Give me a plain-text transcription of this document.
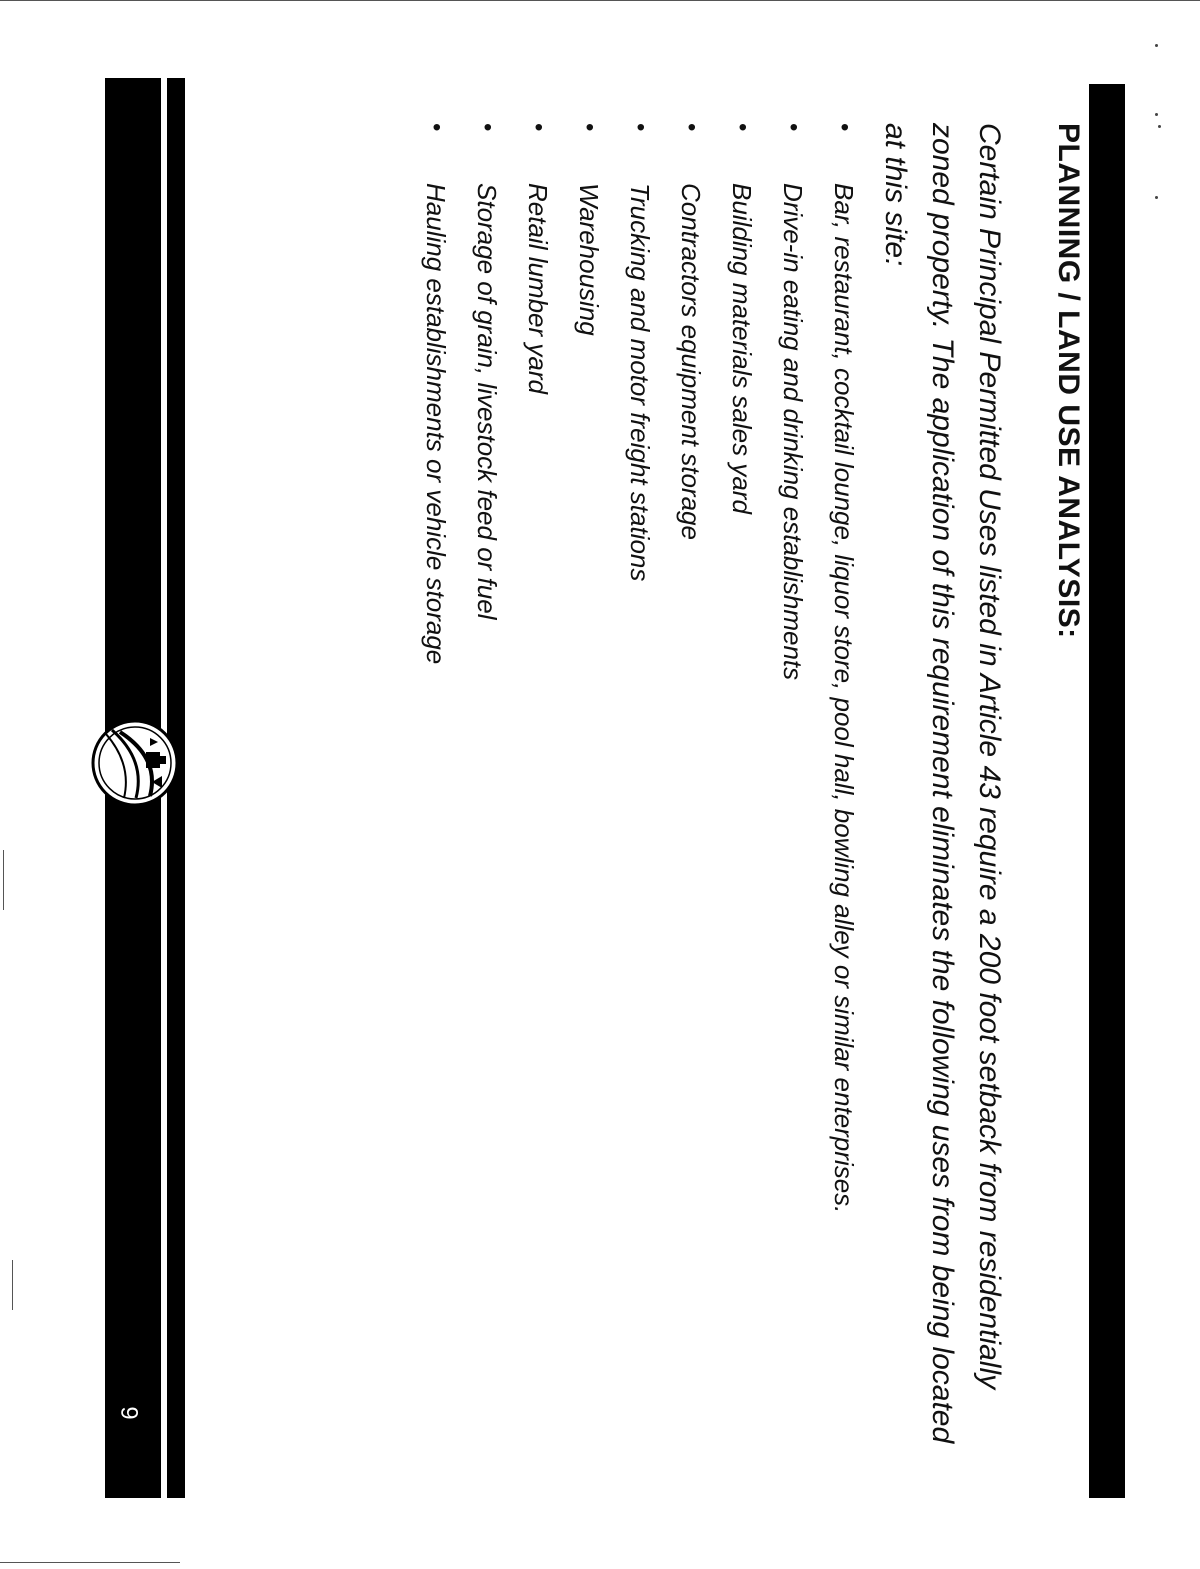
PLANNING / LAND USE ANALYSIS:

Certain Principal Permitted Uses listed in Article 43 require a 200 foot setback from residentially zoned property. The application of this requirement eliminates the following uses from being located at this site:

•
Bar, restaurant, cocktail lounge, liquor store, pool hall, bowling alley or similar enterprises.
•
Drive-in eating and drinking establishments
•
Building materials sales yard
•
Contractors equipment storage
•
Trucking and motor freight stations
•
Warehousing
•
Retail lumber yard
•
Storage of grain, livestock feed or fuel
•
Hauling establishments or vehicle storage
6
